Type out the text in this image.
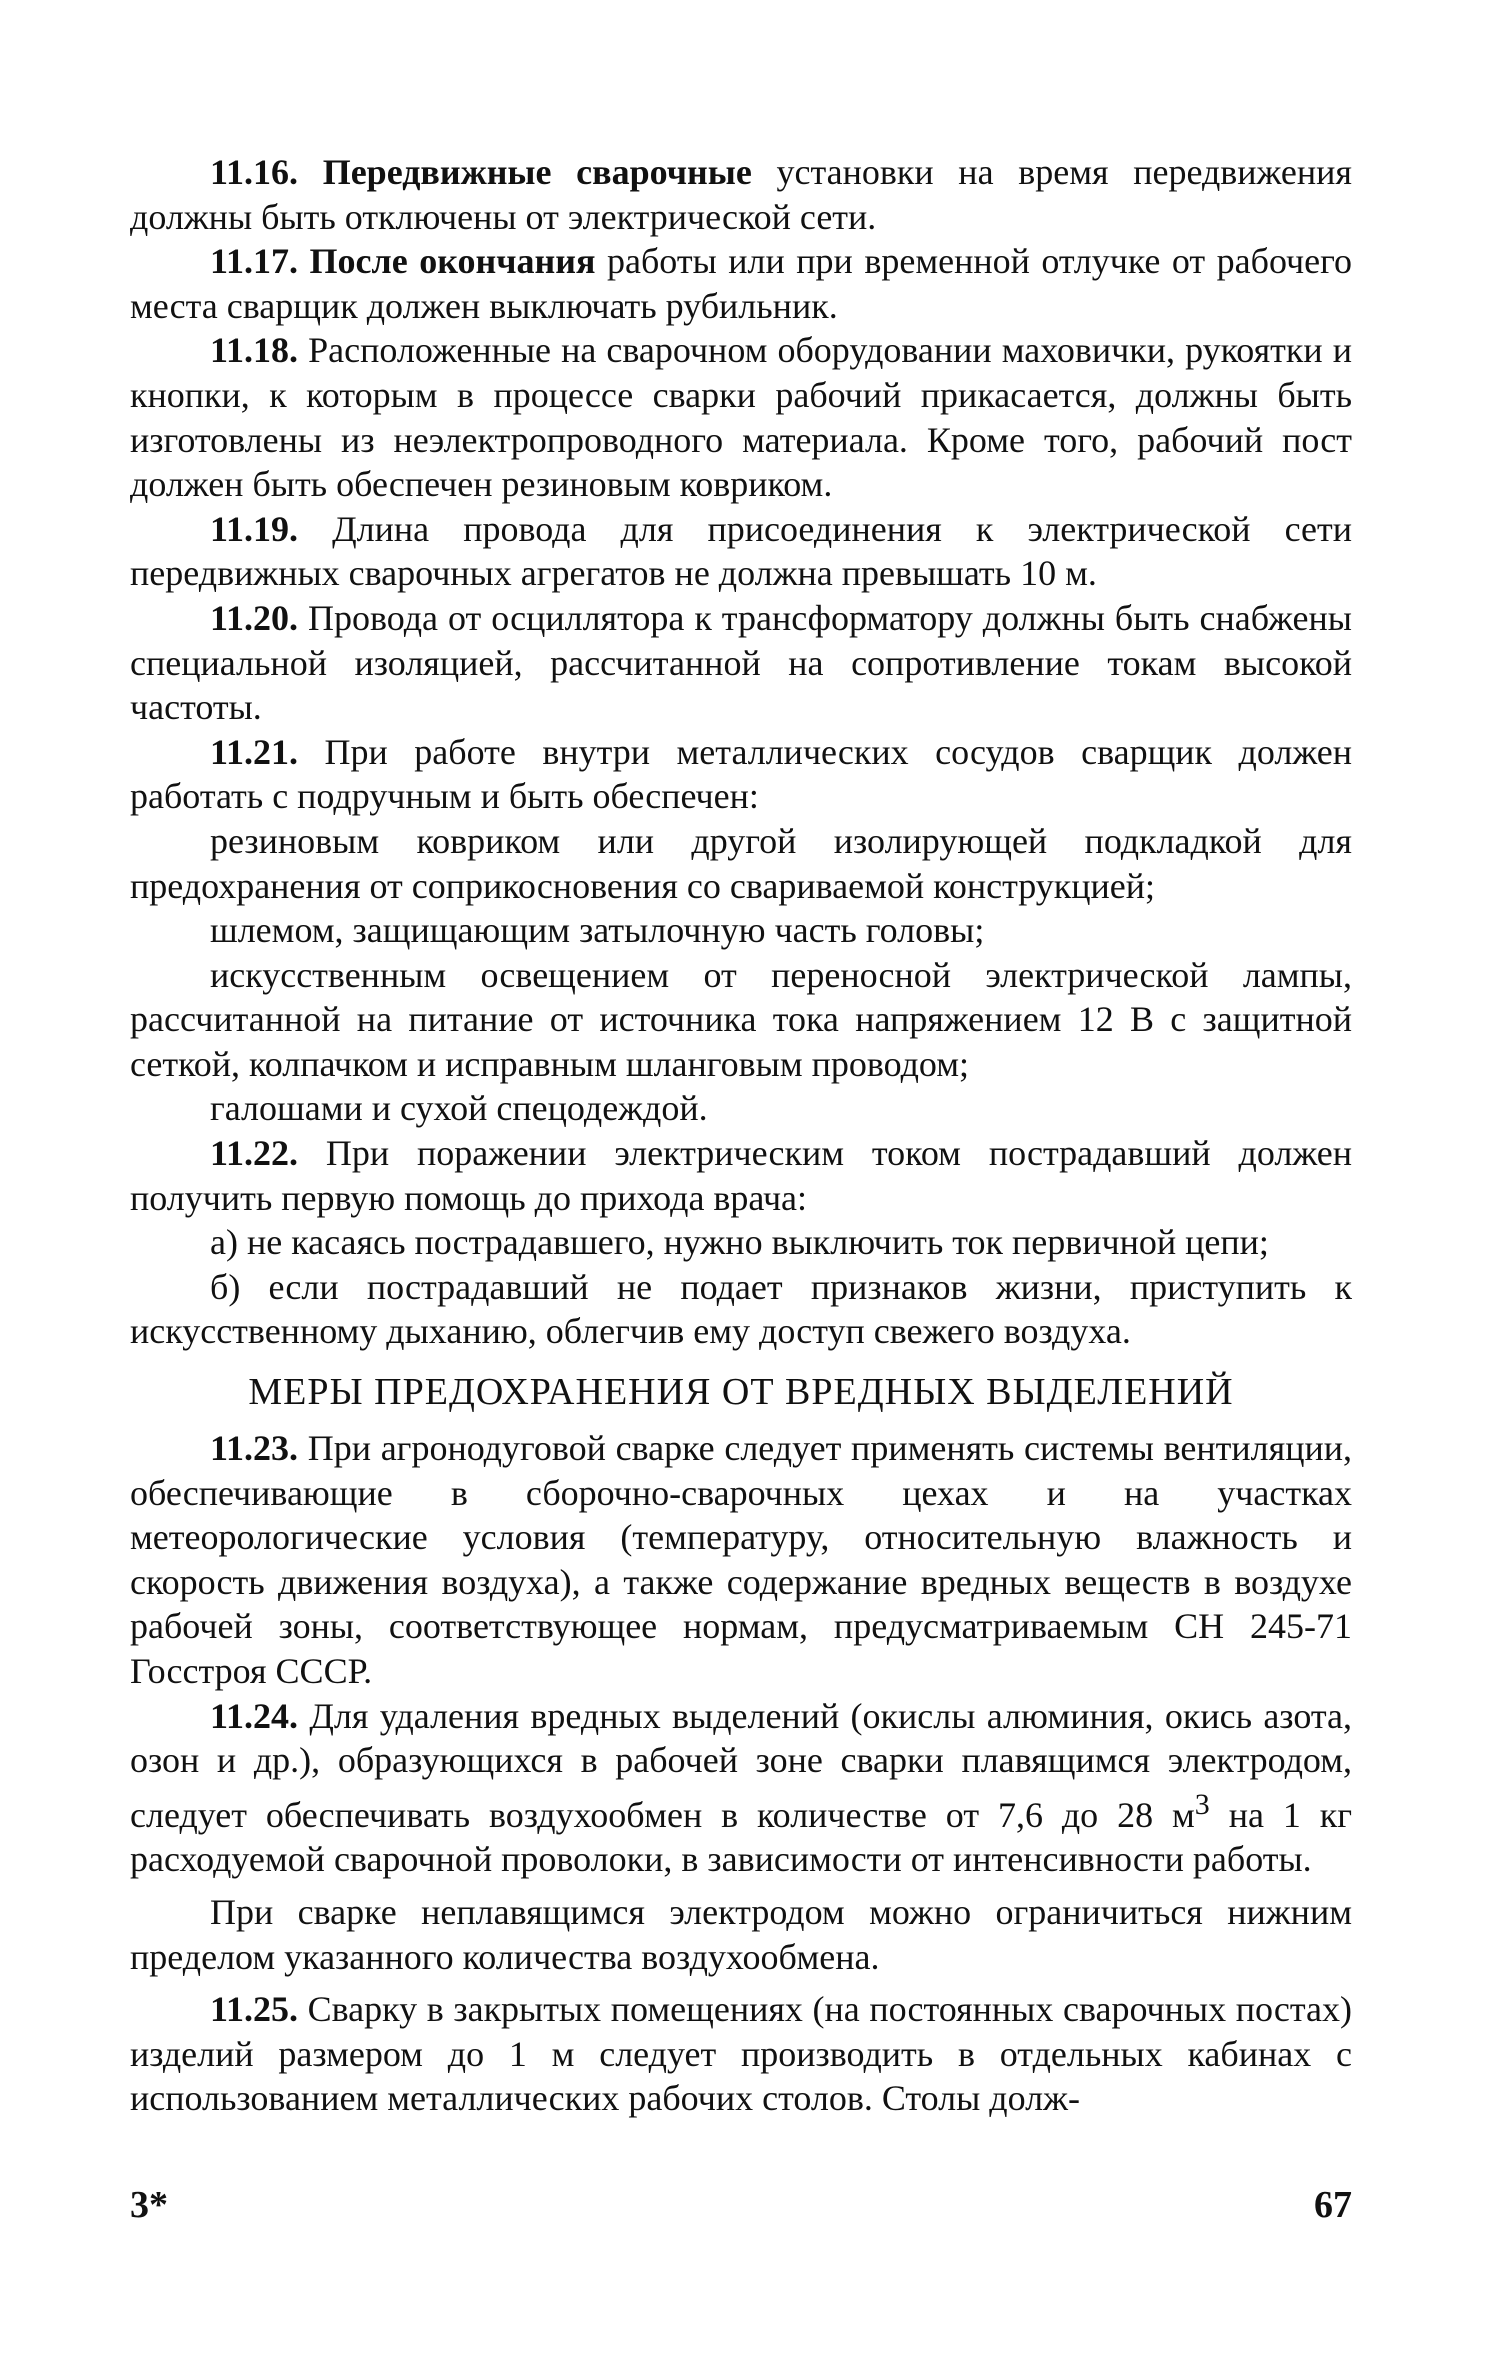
11.16. Передвижные сварочные установки на время передвижения должны быть отключены от электрической сети.

11.17. После окончания работы или при временной отлучке от рабочего места сварщик должен выключать рубильник.

11.18. Расположенные на сварочном оборудовании маховички, рукоятки и кнопки, к которым в процессе сварки рабочий прикасается, должны быть изготовлены из неэлектропроводного материала. Кроме того, рабочий пост должен быть обеспечен резиновым ковриком.

11.19. Длина провода для присоединения к электрической сети передвижных сварочных агрегатов не должна превышать 10 м.

11.20. Провода от осциллятора к трансформатору должны быть снабжены специальной изоляцией, рассчитанной на сопротивление токам высокой частоты.

11.21. При работе внутри металлических сосудов сварщик должен работать с подручным и быть обеспечен:

резиновым ковриком или другой изолирующей подкладкой для предохранения от соприкосновения со свариваемой конструкцией;

шлемом, защищающим затылочную часть головы;

искусственным освещением от переносной электрической лампы, рассчитанной на питание от источника тока напряжением 12 В с защитной сеткой, колпачком и исправным шланговым проводом;

галошами и сухой спецодеждой.

11.22. При поражении электрическим током пострадавший должен получить первую помощь до прихода врача:

а) не касаясь пострадавшего, нужно выключить ток первичной цепи;

б) если пострадавший не подает признаков жизни, приступить к искусственному дыханию, облегчив ему доступ свежего воздуха.

МЕРЫ ПРЕДОХРАНЕНИЯ ОТ ВРЕДНЫХ ВЫДЕЛЕНИЙ

11.23. При агронодуговой сварке следует применять системы вентиляции, обеспечивающие в сборочно-сварочных цехах и на участках метеорологические условия (температуру, относительную влажность и скорость движения воздуха), а также содержание вредных веществ в воздухе рабочей зоны, соответствующее нормам, предусматриваемым СН 245-71 Госстроя СССР.

11.24. Для удаления вредных выделений (окислы алюминия, окись азота, озон и др.), образующихся в рабочей зоне сварки плавящимся электродом, следует обеспечивать воздухообмен в количестве от 7,6 до 28 $м^3$ на 1 кг расходуемой сварочной проволоки, в зависимости от интенсивности работы.

При сварке неплавящимся электродом можно ограничиться нижним пределом указанного количества воздухообмена.

11.25. Сварку в закрытых помещениях (на постоянных сварочных постах) изделий размером до 1 м следует производить в отдельных кабинах с использованием металлических рабочих столов. Столы долж-

3*	67
